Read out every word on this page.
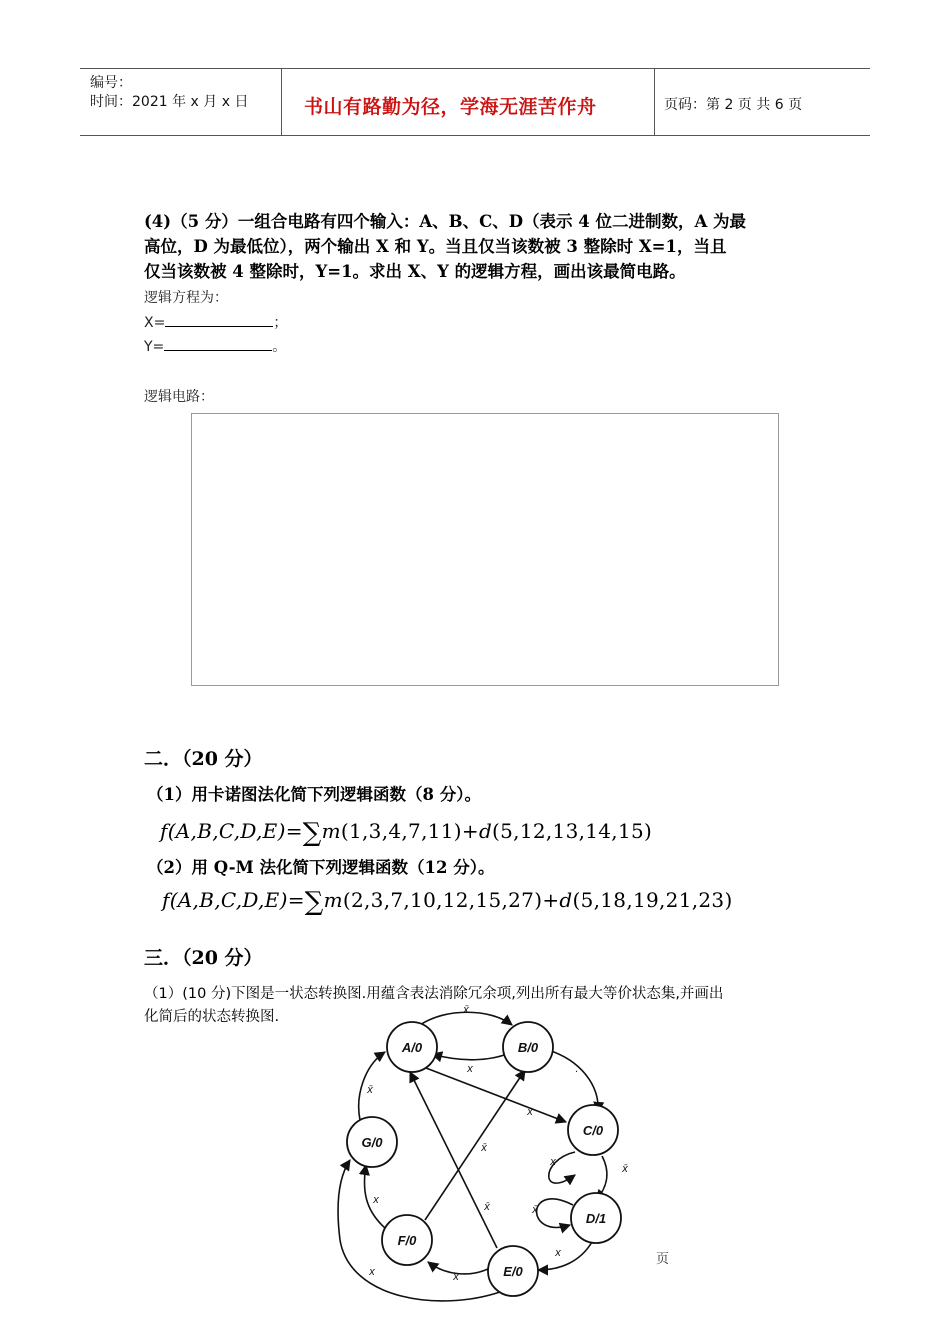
编号：
时间：2021 年 x 月 x 日	书山有路勤为径，学海无涯苦作舟	页码：第 2 页 共 6 页
(4)（5 分）一组合电路有四个输入：A、B、C、D（表示 4 位二进制数，A 为最
高位，D 为最低位），两个输出 X 和 Y。当且仅当该数被 3 整除时 X=1，当且
仅当该数被 4 整除时，Y=1。求出 X、Y 的逻辑方程，画出该最简电路。
逻辑方程为：
X=	；
Y=	。
逻辑电路：
二．（20 分）
（1）用卡诺图法化简下列逻辑函数（8 分）。
f(A,B,C,D,E)=∑m(1,3,4,7,11)+d(5,12,13,14,15)
（2）用 Q-M 法化简下列逻辑函数（12 分）。
f(A,B,C,D,E)=∑m(2,3,7,10,12,15,27)+d(5,18,19,21,23)
三．（20 分）
（1）(10 分)下图是一状态转换图.用蕴含表法消除冗余项,列出所有最大等价状态集,并画出
化简后的状态转换图.
A/0	B/0
C/0
D/1
E/0
F/0
G/0
x̄
x	.
x
x̄
x̄
x
x̄
x̄
x̄
x
x
x
x
页
